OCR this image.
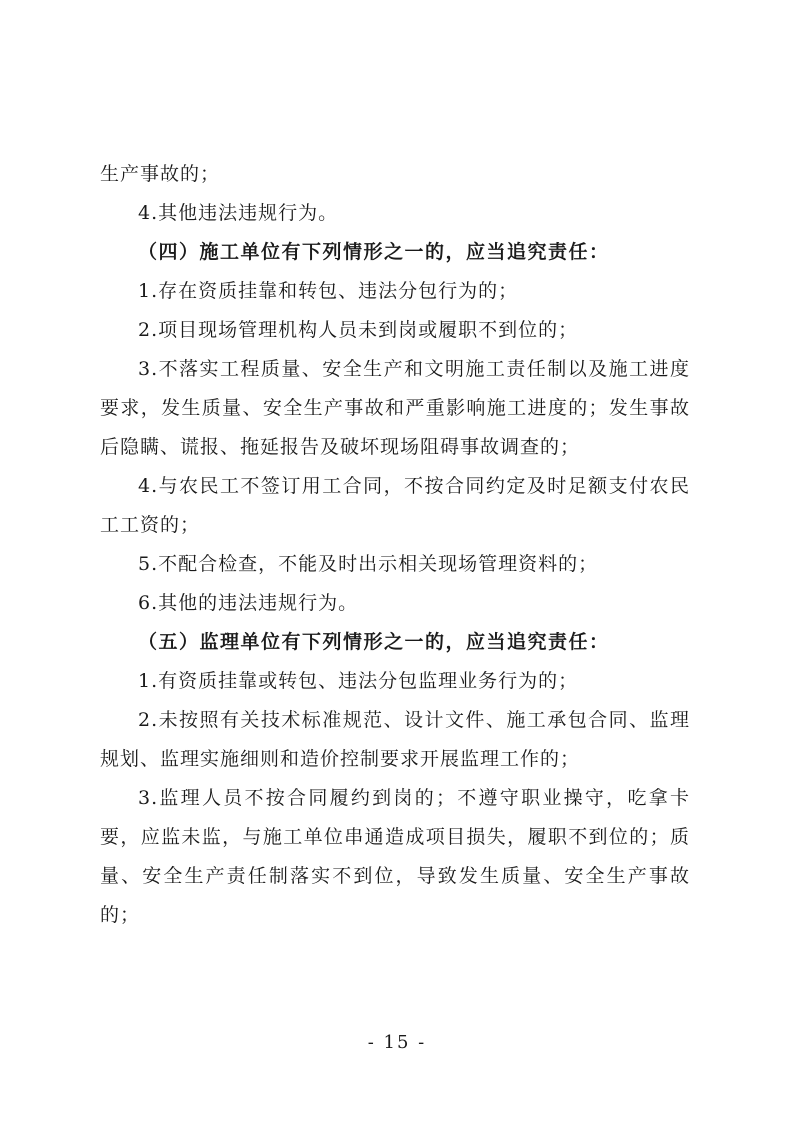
生产事故的；

4.其他违法违规行为。

（四）施工单位有下列情形之一的，应当追究责任：

1.存在资质挂靠和转包、违法分包行为的；

2.项目现场管理机构人员未到岗或履职不到位的；

3.不落实工程质量、安全生产和文明施工责任制以及施工进度要求，发生质量、安全生产事故和严重影响施工进度的；发生事故后隐瞒、谎报、拖延报告及破坏现场阻碍事故调查的；

4.与农民工不签订用工合同，不按合同约定及时足额支付农民工工资的；

5.不配合检查，不能及时出示相关现场管理资料的；

6.其他的违法违规行为。

（五）监理单位有下列情形之一的，应当追究责任：

1.有资质挂靠或转包、违法分包监理业务行为的；

2.未按照有关技术标准规范、设计文件、施工承包合同、监理规划、监理实施细则和造价控制要求开展监理工作的；

3.监理人员不按合同履约到岗的；不遵守职业操守，吃拿卡要，应监未监，与施工单位串通造成项目损失，履职不到位的；质量、安全生产责任制落实不到位，导致发生质量、安全生产事故的；

- 15 -
